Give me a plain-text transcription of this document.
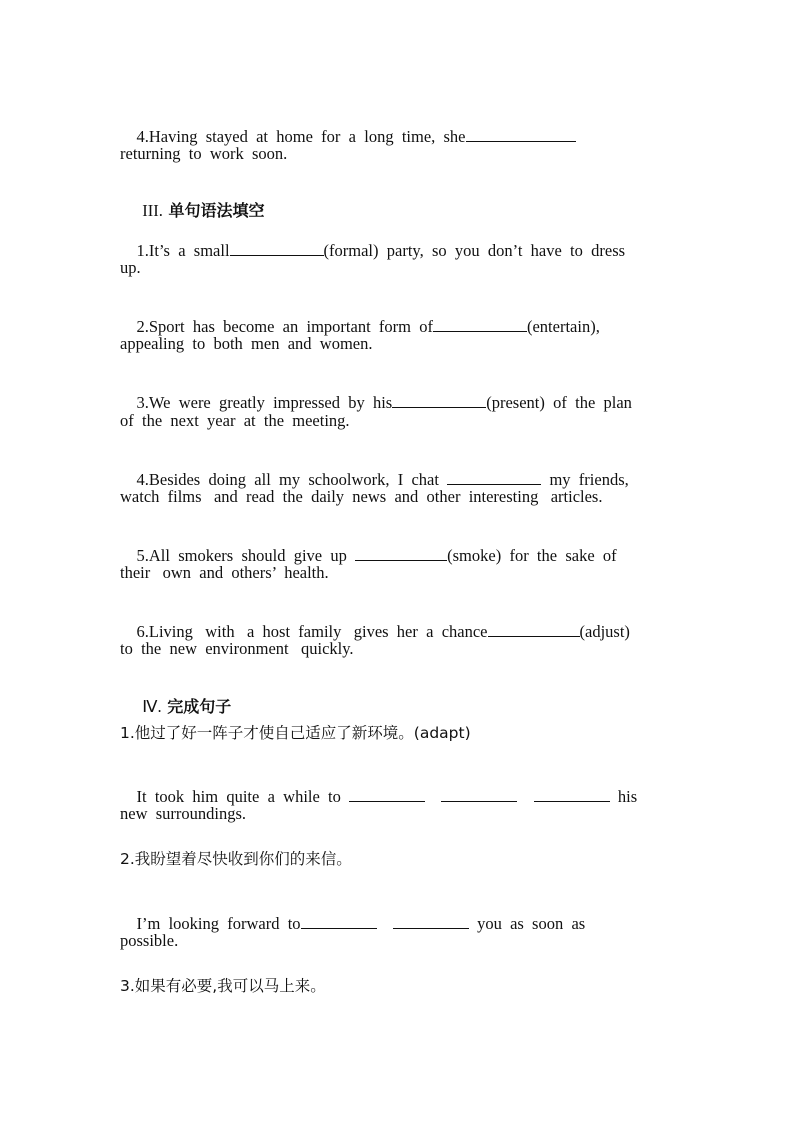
4.Having  stayed  at  home  for  a  long  time,  she

returning  to  work  soon.

III. 单句语法填空

1.It’s  a  small	(formal)  party,  so  you  don’t  have  to  dress

up.

2.Sport  has  become  an  important  form  of	(entertain),

appealing  to  both  men  and  women.

3.We  were  greatly  impressed  by  his	(present)  of  the  plan

of  the  next  year  at  the  meeting.

4.Besides  doing  all  my  schoolwork,  I  chat	my  friends,

watch  films   and  read  the  daily  news  and  other  interesting   articles.

5.All  smokers  should  give  up	(smoke)  for  the  sake  of

their   own  and  others’  health.

6.Living   with   a  host  family   gives  her  a  chance	(adjust)

to  the  new  environment   quickly.

Ⅳ. 完成句子

1.他过了好一阵子才使自己适应了新环境。(adapt)

It  took  him  quite  a  while  to	his

new  surroundings.
2.我盼望着尽快收到你们的来信。

I’m  looking  forward  to	you  as  soon  as

possible.
3.如果有必要,我可以马上来。
